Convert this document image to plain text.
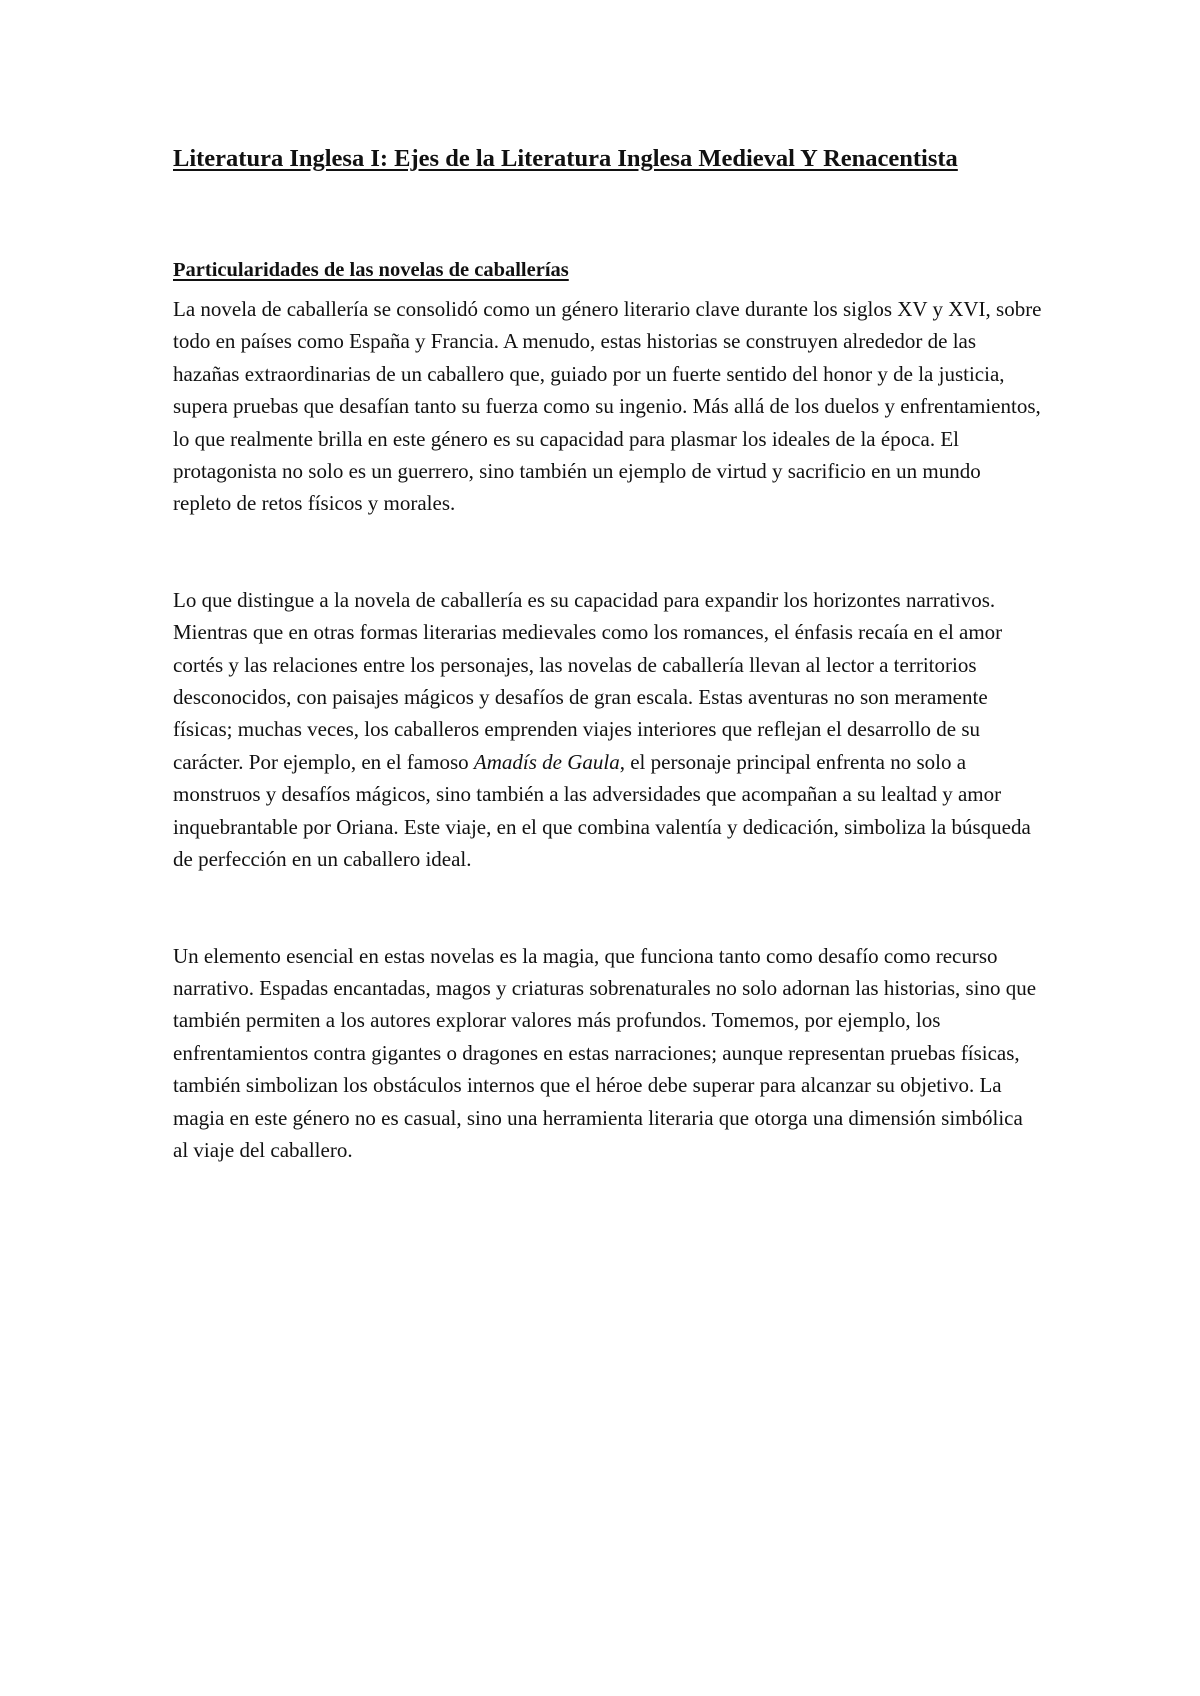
Literatura Inglesa I: Ejes de la Literatura Inglesa Medieval Y Renacentista
Particularidades de las novelas de caballerías

La novela de caballería se consolidó como un género literario clave durante los siglos XV y XVI, sobre todo en países como España y Francia. A menudo, estas historias se construyen alrededor de las hazañas extraordinarias de un caballero que, guiado por un fuerte sentido del honor y de la justicia, supera pruebas que desafían tanto su fuerza como su ingenio. Más allá de los duelos y enfrentamientos, lo que realmente brilla en este género es su capacidad para plasmar los ideales de la época. El protagonista no solo es un guerrero, sino también un ejemplo de virtud y sacrificio en un mundo repleto de retos físicos y morales.

Lo que distingue a la novela de caballería es su capacidad para expandir los horizontes narrativos. Mientras que en otras formas literarias medievales como los romances, el énfasis recaía en el amor cortés y las relaciones entre los personajes, las novelas de caballería llevan al lector a territorios desconocidos, con paisajes mágicos y desafíos de gran escala. Estas aventuras no son meramente físicas; muchas veces, los caballeros emprenden viajes interiores que reflejan el desarrollo de su carácter. Por ejemplo, en el famoso Amadís de Gaula, el personaje principal enfrenta no solo a monstruos y desafíos mágicos, sino también a las adversidades que acompañan a su lealtad y amor inquebrantable por Oriana. Este viaje, en el que combina valentía y dedicación, simboliza la búsqueda de perfección en un caballero ideal.

Un elemento esencial en estas novelas es la magia, que funciona tanto como desafío como recurso narrativo. Espadas encantadas, magos y criaturas sobrenaturales no solo adornan las historias, sino que también permiten a los autores explorar valores más profundos. Tomemos, por ejemplo, los enfrentamientos contra gigantes o dragones en estas narraciones; aunque representan pruebas físicas, también simbolizan los obstáculos internos que el héroe debe superar para alcanzar su objetivo. La magia en este género no es casual, sino una herramienta literaria que otorga una dimensión simbólica al viaje del caballero.
